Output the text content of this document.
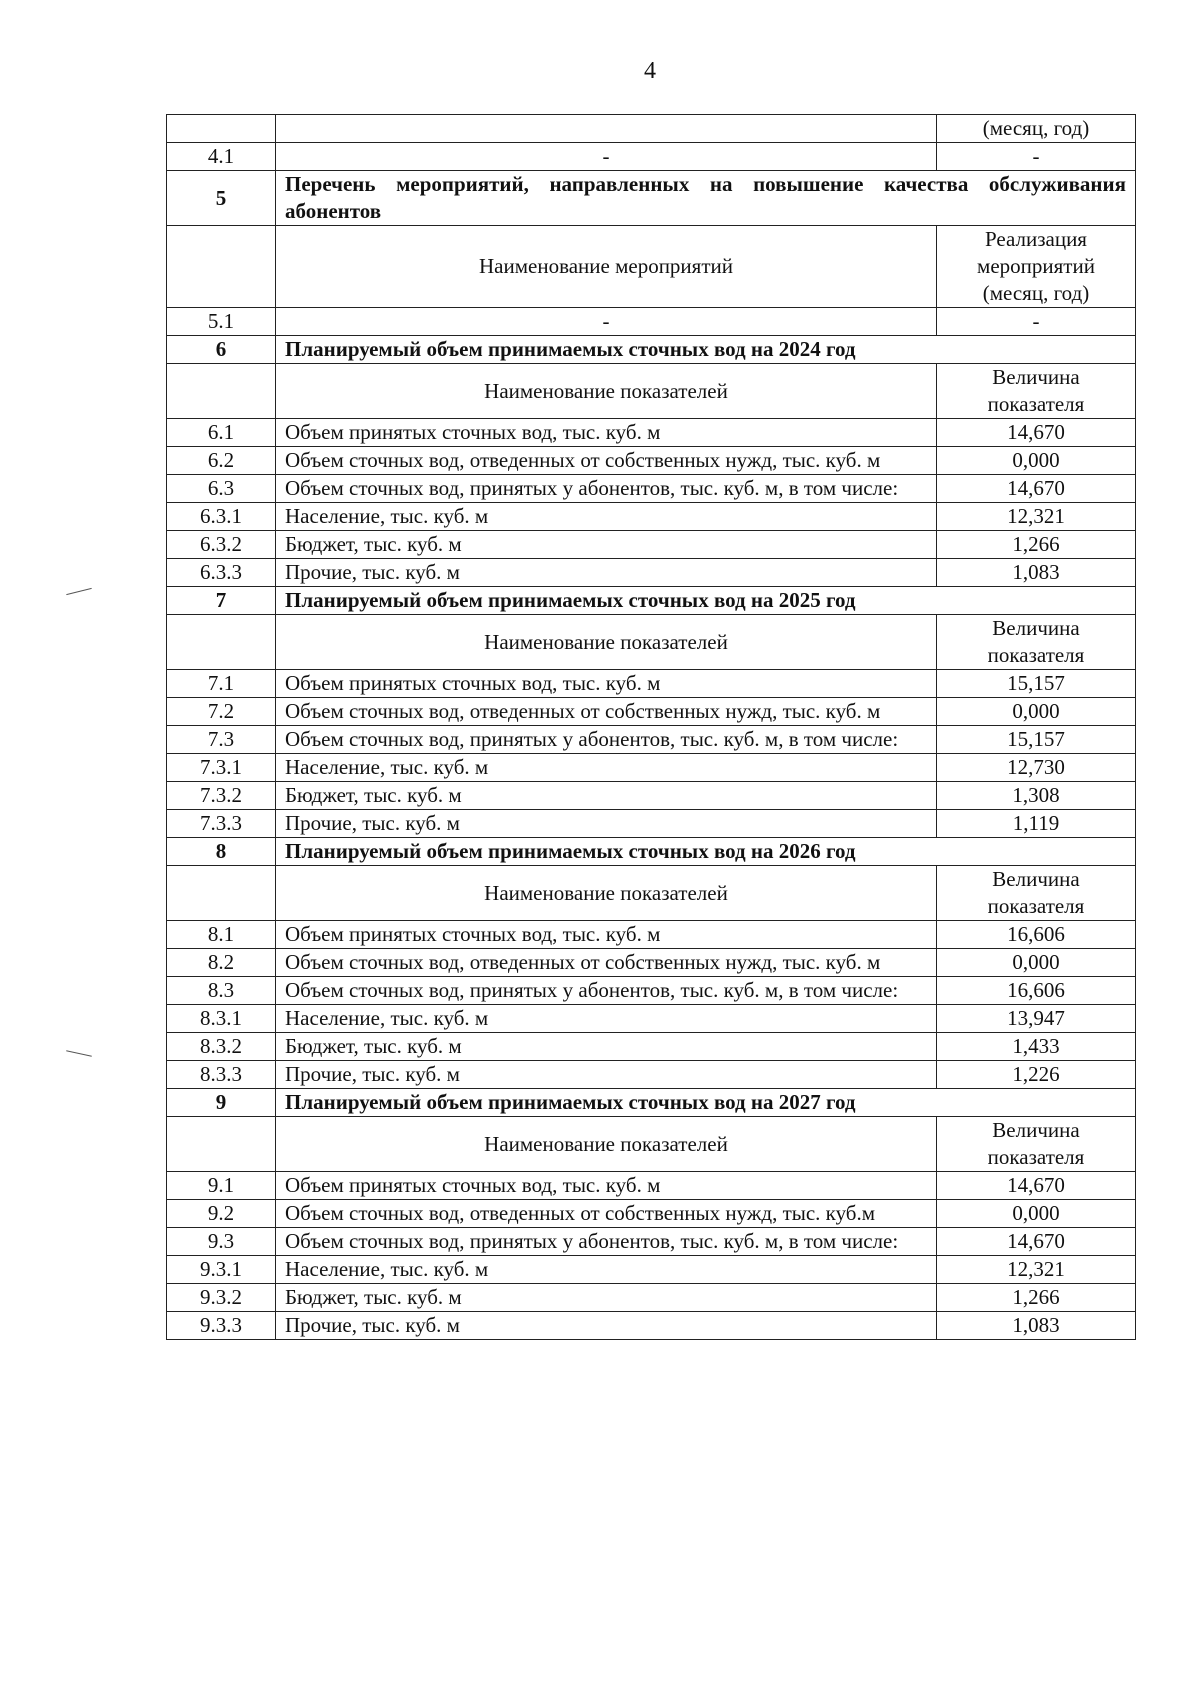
4
		(месяц, год)
4.1	-	-
5	Перечень мероприятий, направленных на повышение качества обслуживания абонентов	
	Наименование мероприятий	Реализация
мероприятий
(месяц, год)

5.1	-	-
6	Планируемый объем принимаемых сточных вод на 2024 год	
	Наименование показателей	Величина
показателя

6.1	Объем принятых сточных вод, тыс. куб. м	14,670
6.2	Объем сточных вод, отведенных от собственных нужд, тыс. куб. м	0,000
6.3	Объем сточных вод, принятых у абонентов, тыс. куб. м, в том числе:	14,670
6.3.1	Население, тыс. куб. м	12,321
6.3.2	Бюджет, тыс. куб. м	1,266
6.3.3	Прочие, тыс. куб. м	1,083
7	Планируемый объем принимаемых сточных вод на 2025 год	
	Наименование показателей	Величина
показателя

7.1	Объем принятых сточных вод, тыс. куб. м	15,157
7.2	Объем сточных вод, отведенных от собственных нужд, тыс. куб. м	0,000
7.3	Объем сточных вод, принятых у абонентов, тыс. куб. м, в том числе:	15,157
7.3.1	Население, тыс. куб. м	12,730
7.3.2	Бюджет, тыс. куб. м	1,308
7.3.3	Прочие, тыс. куб. м	1,119
8	Планируемый объем принимаемых сточных вод на 2026 год	
	Наименование показателей	Величина
показателя

8.1	Объем принятых сточных вод, тыс. куб. м	16,606
8.2	Объем сточных вод, отведенных от собственных нужд, тыс. куб. м	0,000
8.3	Объем сточных вод, принятых у абонентов, тыс. куб. м, в том числе:	16,606
8.3.1	Население, тыс. куб. м	13,947
8.3.2	Бюджет, тыс. куб. м	1,433
8.3.3	Прочие, тыс. куб. м	1,226
9	Планируемый объем принимаемых сточных вод на 2027 год	
	Наименование показателей	Величина
показателя

9.1	Объем принятых сточных вод, тыс. куб. м	14,670
9.2	Объем сточных вод, отведенных от собственных нужд, тыс. куб.м	0,000
9.3	Объем сточных вод, принятых у абонентов, тыс. куб. м, в том числе:	14,670
9.3.1	Население, тыс. куб. м	12,321
9.3.2	Бюджет, тыс. куб. м	1,266
9.3.3	Прочие, тыс. куб. м	1,083
